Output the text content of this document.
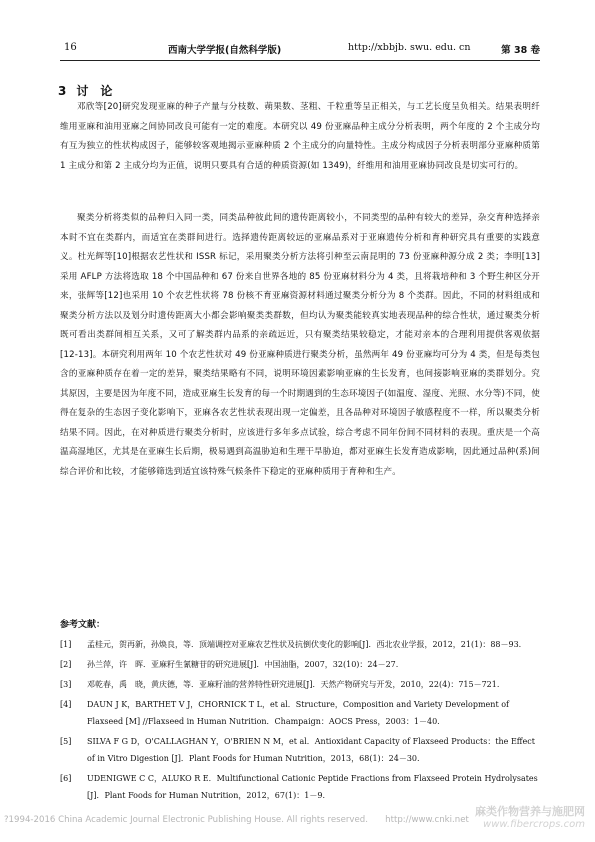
16	西南大学学报(自然科学版)	http://xbbjb. swu. edu. cn	第 38 卷
3 讨　论

邓欣等[20]研究发现亚麻的种子产量与分枝数、蒴果数、茎粗、千粒重等呈正相关，与工艺长度呈负相关。结果表明纤维用亚麻和油用亚麻之间协同改良可能有一定的难度。本研究以 49 份亚麻品种主成分分析表明，两个年度的 2 个主成分均有互为独立的性状构成因子，能够较客观地揭示亚麻种质 2 个主成分的向量特性。主成分构成因子分析表明部分亚麻种质第 1 主成分和第 2 主成分均为正值，说明只要具有合适的种质资源(如 1349)，纤维用和油用亚麻协同改良是切实可行的。

聚类分析将类似的品种归入同一类，同类品种彼此间的遗传距离较小，不同类型的品种有较大的差异，杂交育种选择亲本时不宜在类群内，而适宜在类群间进行。选择遗传距离较远的亚麻品系对于亚麻遗传分析和育种研究具有重要的实践意义。杜光辉等[10]根据农艺性状和 ISSR 标记，采用聚类分析方法将引种至云南昆明的 73 份亚麻种源分成 2 类；李明[13]采用 AFLP 方法将选取 18 个中国品种和 67 份来自世界各地的 85 份亚麻材料分为 4 类，且将栽培种和 3 个野生种区分开来，张辉等[12]也采用 10 个农艺性状将 78 份核不育亚麻资源材料通过聚类分析分为 8 个类群。因此，不同的材料组成和聚类分析方法以及划分时遗传距离大小都会影响聚类类群数，但均认为聚类能较真实地表现品种的综合性状，通过聚类分析既可看出类群间相互关系，又可了解类群内品系的亲疏远近，只有聚类结果较稳定，才能对亲本的合理利用提供客观依据[12-13]。本研究利用两年 10 个农艺性状对 49 份亚麻种质进行聚类分析，虽然两年 49 份亚麻均可分为 4 类，但是每类包含的亚麻种质存在着一定的差异，聚类结果略有不同，说明环境因素影响亚麻的生长发育，也间接影响亚麻的类群划分。究其原因，主要是因为年度不同，造成亚麻生长发育的每一个时期遇到的生态环境因子(如温度、湿度、光照、水分等)不同，使得在复杂的生态因子变化影响下，亚麻各农艺性状表现出现一定偏差，且各品种对环境因子敏感程度不一样，所以聚类分析结果不同。因此，在对种质进行聚类分析时，应该进行多年多点试验，综合考虑不同年份间不同材料的表现。重庆是一个高温高湿地区，尤其是在亚麻生长后期，极易遇到高温胁迫和生理干旱胁迫，都对亚麻生长发育造成影响，因此通过品种(系)间综合评价和比较，才能够筛选到适宜该特殊气候条件下稳定的亚麻种质用于育种和生产。

参考文献：
[1] 孟桂元，贺再新，孙焕良，等．顶端调控对亚麻农艺性状及抗倒伏变化的影响[J]．西北农业学报，2012，21(1)：88－93.
[2] 孙兰萍，许　晖．亚麻籽生氰糖苷的研究进展[J]．中国油脂，2007，32(10)：24－27.
[3] 邓乾春，禹　晓，黄庆德，等．亚麻籽油的营养特性研究进展[J]．天然产物研究与开发，2010，22(4)：715－721.
[4] DAUN J K，BARTHET V J，CHORNICK T L，et al．Structure，Composition and Variety Development of Flaxseed [M] //Flaxseed in Human Nutrition．Champaign：AOCS Press，2003：1－40.
[5] SILVA F G D，O'CALLAGHAN Y，O'BRIEN N M，et al．Antioxidant Capacity of Flaxseed Products：the Effect of in Vitro Digestion [J]．Plant Foods for Human Nutrition，2013，68(1)：24－30.
[6] UDENIGWE C C，ALUKO R E．Multifunctional Cationic Peptide Fractions from Flaxseed Protein Hydrolysates [J]．Plant Foods for Human Nutrition，2012，67(1)：1－9.
?1994-2016 China Academic Journal Electronic Publishing House. All rights reserved.　　http://www.cnki.net
麻类作物营养与施肥网
www.fibercrops.com
